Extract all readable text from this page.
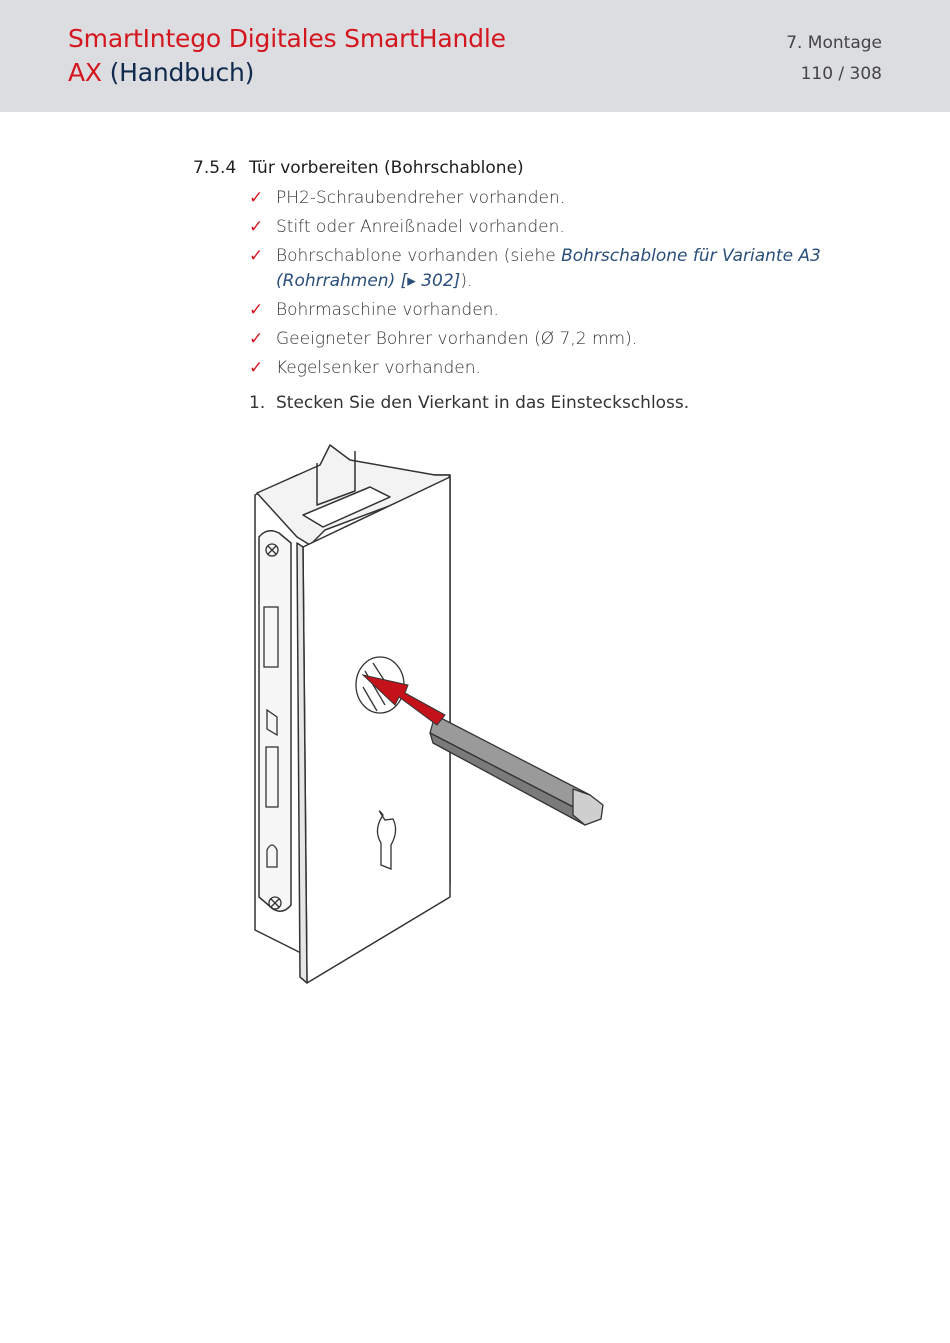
SmartIntego Digitales SmartHandle
AX (Handbuch)
7. Montage
110 / 308
7.5.4 Tür vorbereiten (Bohrschablone)
✓ PH2-Schraubendreher vorhanden.
✓ Stift oder Anreißnadel vorhanden.
✓ Bohrschablone vorhanden (siehe Bohrschablone für Variante A3 (Rohrrahmen) [▸ 302]).
✓ Bohrmaschine vorhanden.
✓ Geeigneter Bohrer vorhanden (Ø 7,2 mm).
✓ Kegelsenker vorhanden.
1. Stecken Sie den Vierkant in das Einsteckschloss.
